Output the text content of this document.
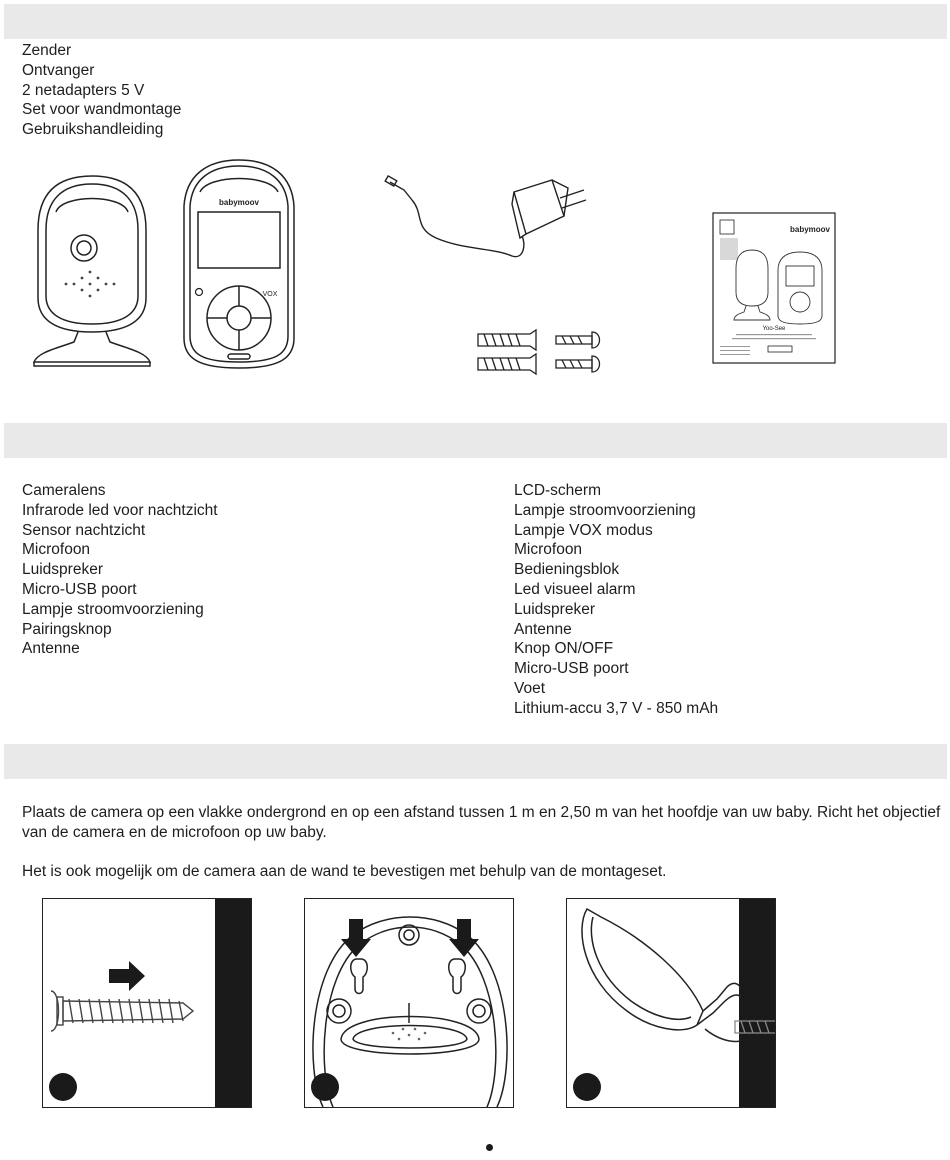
Zender
Ontvanger
2 netadapters 5 V
Set voor wandmontage
Gebruikshandleiding
babymoov
VOX
babymoov
Yoo-See
Cameralens
Infrarode led voor nachtzicht
Sensor nachtzicht
Microfoon
Luidspreker
Micro-USB poort
Lampje stroomvoorziening
Pairingsknop
Antenne
LCD-scherm
Lampje stroomvoorziening
Lampje VOX modus
Microfoon
Bedieningsblok
Led visueel alarm
Luidspreker
Antenne
Knop ON/OFF
Micro-USB poort
Voet
Lithium-accu 3,7 V - 850 mAh

Plaats de camera op een vlakke ondergrond en op een afstand tussen 1 m en 2,50 m van het hoofdje van uw baby. Richt het objectief van de camera en de microfoon op uw baby.

Het is ook mogelijk om de camera aan de wand te bevestigen met behulp van de montageset.
